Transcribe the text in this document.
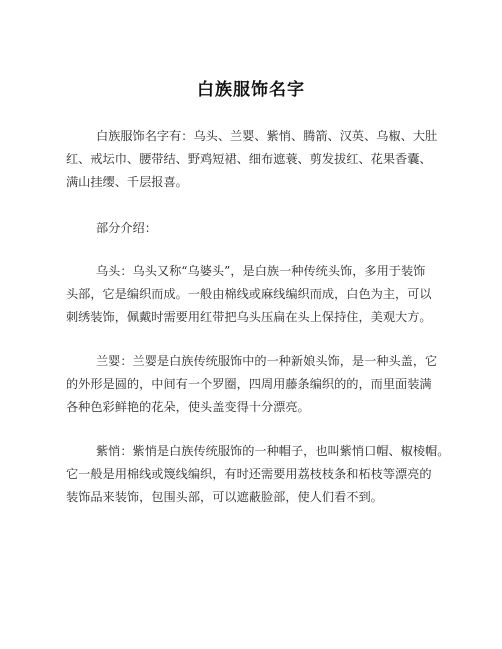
白族服饰名字
白族服饰名字有：乌头、兰婴、紫悄、腾箭、汉英、乌椒、大肚
红、戒坛巾、腰带结、野鸡短裙、细布遮蓑、剪发拔红、花果香囊、
满山挂缨、千层报喜。
部分介绍：
乌头：乌头又称“乌婆头”，是白族一种传统头饰，多用于装饰
头部，它是编织而成。一般由棉线或麻线编织而成，白色为主，可以
刺绣装饰，佩戴时需要用红带把乌头压扁在头上保持住，美观大方。
兰婴：兰婴是白族传统服饰中的一种新娘头饰，是一种头盖，它
的外形是圆的，中间有一个罗圈，四周用藤条编织的的，而里面装满
各种色彩鲜艳的花朵，使头盖变得十分漂亮。
紫悄：紫悄是白族传统服饰的一种帽子，也叫紫悄口帽、椒棱帽。
它一般是用棉线或篾线编织，有时还需要用荔枝枝条和柘枝等漂亮的
装饰品来装饰，包围头部，可以遮蔽脸部，使人们看不到。
